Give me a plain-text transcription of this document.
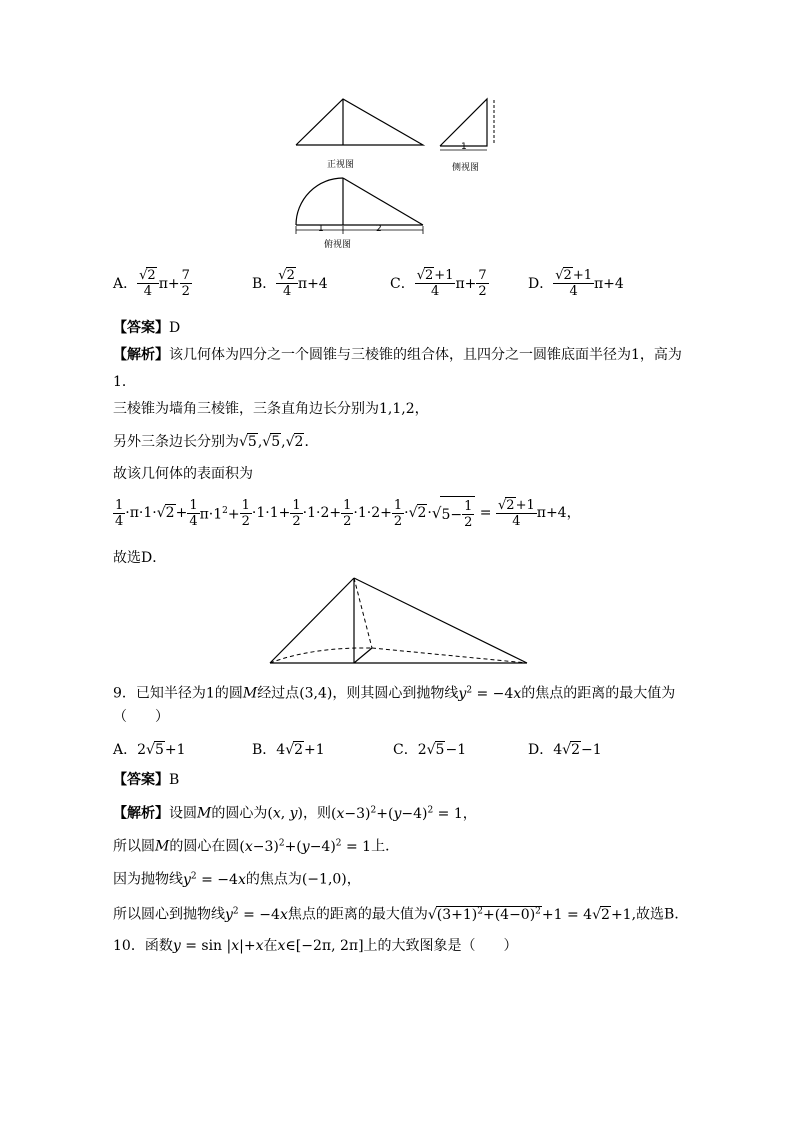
正视图	侧视图
1
俯视图
1	2
A． $\frac{√2}{4} \pi+ \frac{7}{2}$	B． $\frac{√2}{4} \pi+4$	C． $\frac{√2+1}{4} \pi+ \frac{7}{2}$	D． $\frac{√2+1}{4} \pi+4$
【答案】D
【解析】该几何体为四分之一个圆锥与三棱锥的组合体，且四分之一圆锥底面半径为1，高为
1．
三棱锥为墙角三棱锥，三条直角边长分别为1,1,2，
另外三条边长分别为√5,√5,√2．
故该几何体的表面积为
$\frac{1}{4} \cdot\pi\cdot 1\cdot√2+ \frac{1}{4} \pi\cdot 1^2+ \frac{1}{2} \cdot 1\cdot 1+ \frac{1}{2} \cdot 1\cdot 2+ \frac{1}{2} \cdot 1\cdot 2+ \frac{1}{2} \cdot√2\cdot$ √ $5- \frac{1}{2} = \frac{√2+1}{4} \pi+4$，
故选D．
9．已知半径为1的圆M经过点(3,4)，则其圆心到抛物线$y^2 = -4x$的焦点的距离的最大值为
（　　）
A．2√5+1	B．4√2+1	C．2√5−1	D．4√2−1
【答案】B
【解析】设圆M的圆心为(x, y)，则$(x-3)^2+(y-4)^2 = 1$，
所以圆M的圆心在圆$(x-3)^2+(y-4)^2 = 1$上．
因为抛物线$y^2 = -4x$的焦点为(−1,0)，
所以圆心到抛物线$y^2 = -4x$焦点的距离的最大值为$√(3+1)^2+(4-0)^2+1 = 4√2+1$,故选B．
10．函数y = sin |x|+x在x∈[−2π, 2π]上的大致图象是（　　）
